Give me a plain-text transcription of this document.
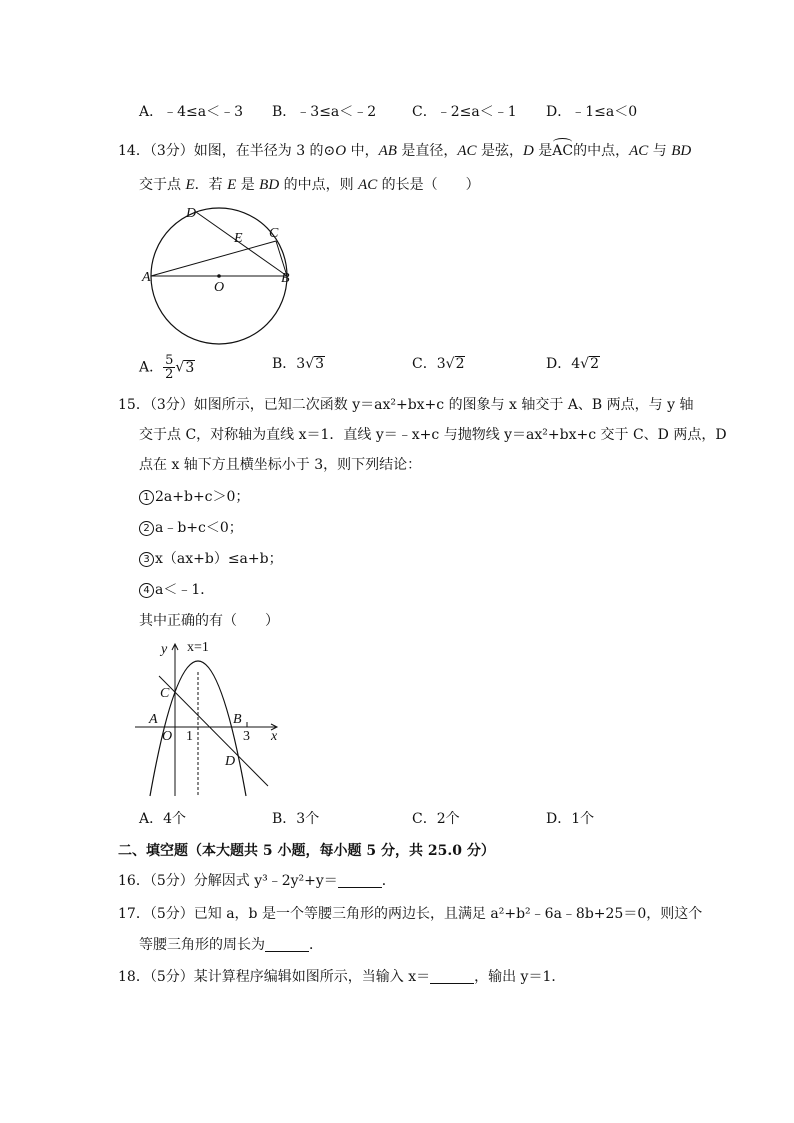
A．﹣4≤a＜﹣3 B．﹣3≤a＜﹣2	C．﹣2≤a＜﹣1 D．﹣1≤a＜0
14．（3分）如图，在半径为 3 的⊙O 中，AB 是直径，AC 是弦，D 是AC的中点，AC 与 BD
交于点 E．若 E 是 BD 的中点，则 AC 的长是（　　）
A	B
C
D
E
O
A． $\frac{5}{2} √3$	B．3√3	C．3√2	D．4√2
15．（3分）如图所示，已知二次函数 y＝ax²+bx+c 的图象与 x 轴交于 A、B 两点，与 y 轴
交于点 C，对称轴为直线 x＝1．直线 y＝﹣x+c 与抛物线 y＝ax²+bx+c 交于 C、D 两点，D
点在 x 轴下方且横坐标小于 3，则下列结论：
1 2a+b+c＞0；
2 a﹣b+c＜0；
3 x（ax+b）≤a+b；
4 a＜﹣1．
其中正确的有（　　）
y x=1
C
A	B
O 1	3 x
D
A．4个	B．3个	C．2个	D．1个
二、填空题（本大题共 5 小题，每小题 5 分，共 25.0 分）
16．（5分）分解因式 y³﹣2y²+y＝	．
17．（5分）已知 a，b 是一个等腰三角形的两边长，且满足 a²+b²﹣6a﹣8b+25＝0，则这个
等腰三角形的周长为	．
18．（5分）某计算程序编辑如图所示，当输入 x＝	，输出 y＝1．
